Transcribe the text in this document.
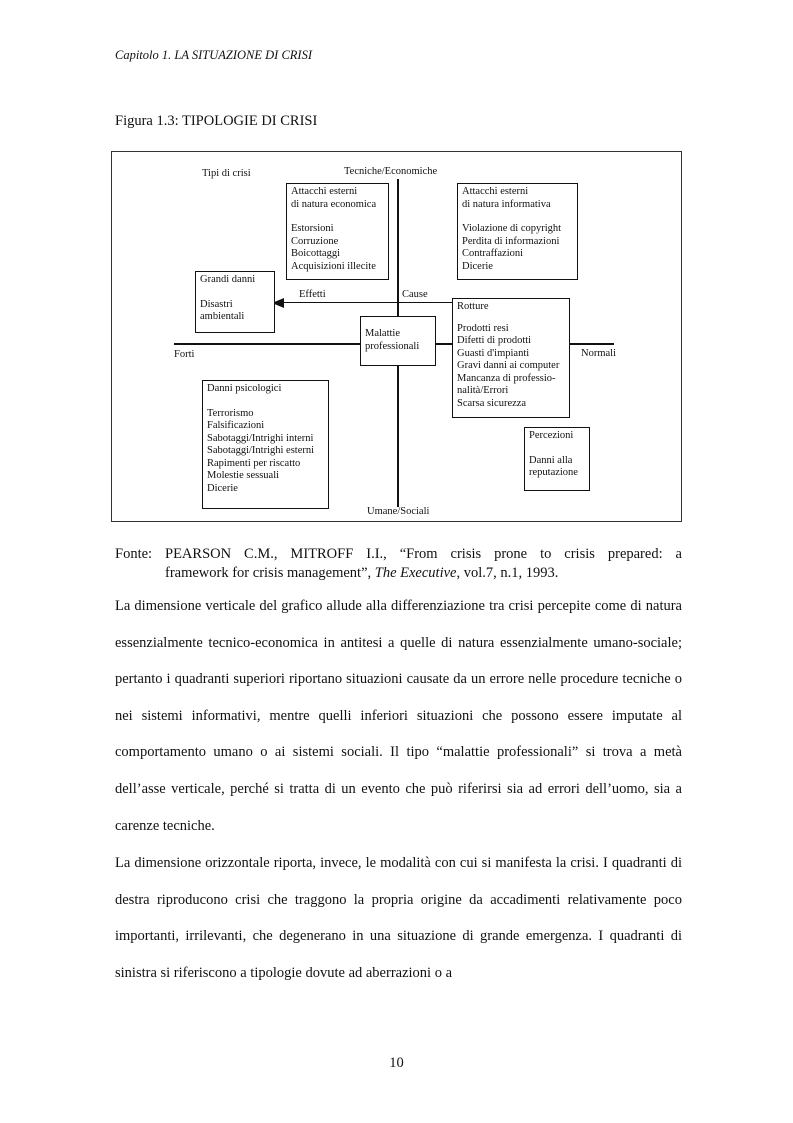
Capitolo 1. LA SITUAZIONE DI CRISI
Figura 1.3: TIPOLOGIE DI CRISI
Tipi di crisi	Tecniche/Economiche
Umane/Sociali
Forti	Normali
Effetti	Cause
Attacchi esterni
di natura economica
Estorsioni
Corruzione
Boicottaggi
Acquisizioni illecite
Attacchi esterni
di natura informativa
Violazione di copyright
Perdita di informazioni
Contraffazioni
Dicerie
Grandi danni
Disastri
ambientali
Malattie
professionali
Rotture
Prodotti resi
Difetti di prodotti
Guasti d'impianti
Gravi danni ai computer
Mancanza di professio-
nalità/Errori
Scarsa sicurezza
Danni psicologici
Terrorismo
Falsificazioni
Sabotaggi/Intrighi interni
Sabotaggi/Intrighi esterni
Rapimenti per riscatto
Molestie sessuali
Dicerie
Percezioni
Danni alla
reputazione
Fonte: PEARSON C.M., MITROFF I.I., “From crisis prone to crisis prepared: a
framework for crisis management”, The Executive, vol.7, n.1, 1993.
La dimensione verticale del grafico allude alla differenziazione tra crisi percepite come di natura essenzialmente tecnico-economica in antitesi a quelle di natura essenzialmente umano-sociale; pertanto i quadranti superiori riportano situazioni causate da un errore nelle procedure tecniche o nei sistemi informativi, mentre quelli inferiori situazioni che possono essere imputate al comportamento umano o ai sistemi sociali. Il tipo “malattie professionali” si trova a metà dell’asse verticale, perché si tratta di un evento che può riferirsi sia ad errori dell’uomo, sia a carenze tecniche.
La dimensione orizzontale riporta, invece, le modalità con cui si manifesta la crisi. I quadranti di destra riproducono crisi che traggono la propria origine da accadimenti relativamente poco importanti, irrilevanti, che degenerano in una situazione di grande emergenza. I quadranti di sinistra si riferiscono a tipologie dovute ad aberrazioni o a
10
